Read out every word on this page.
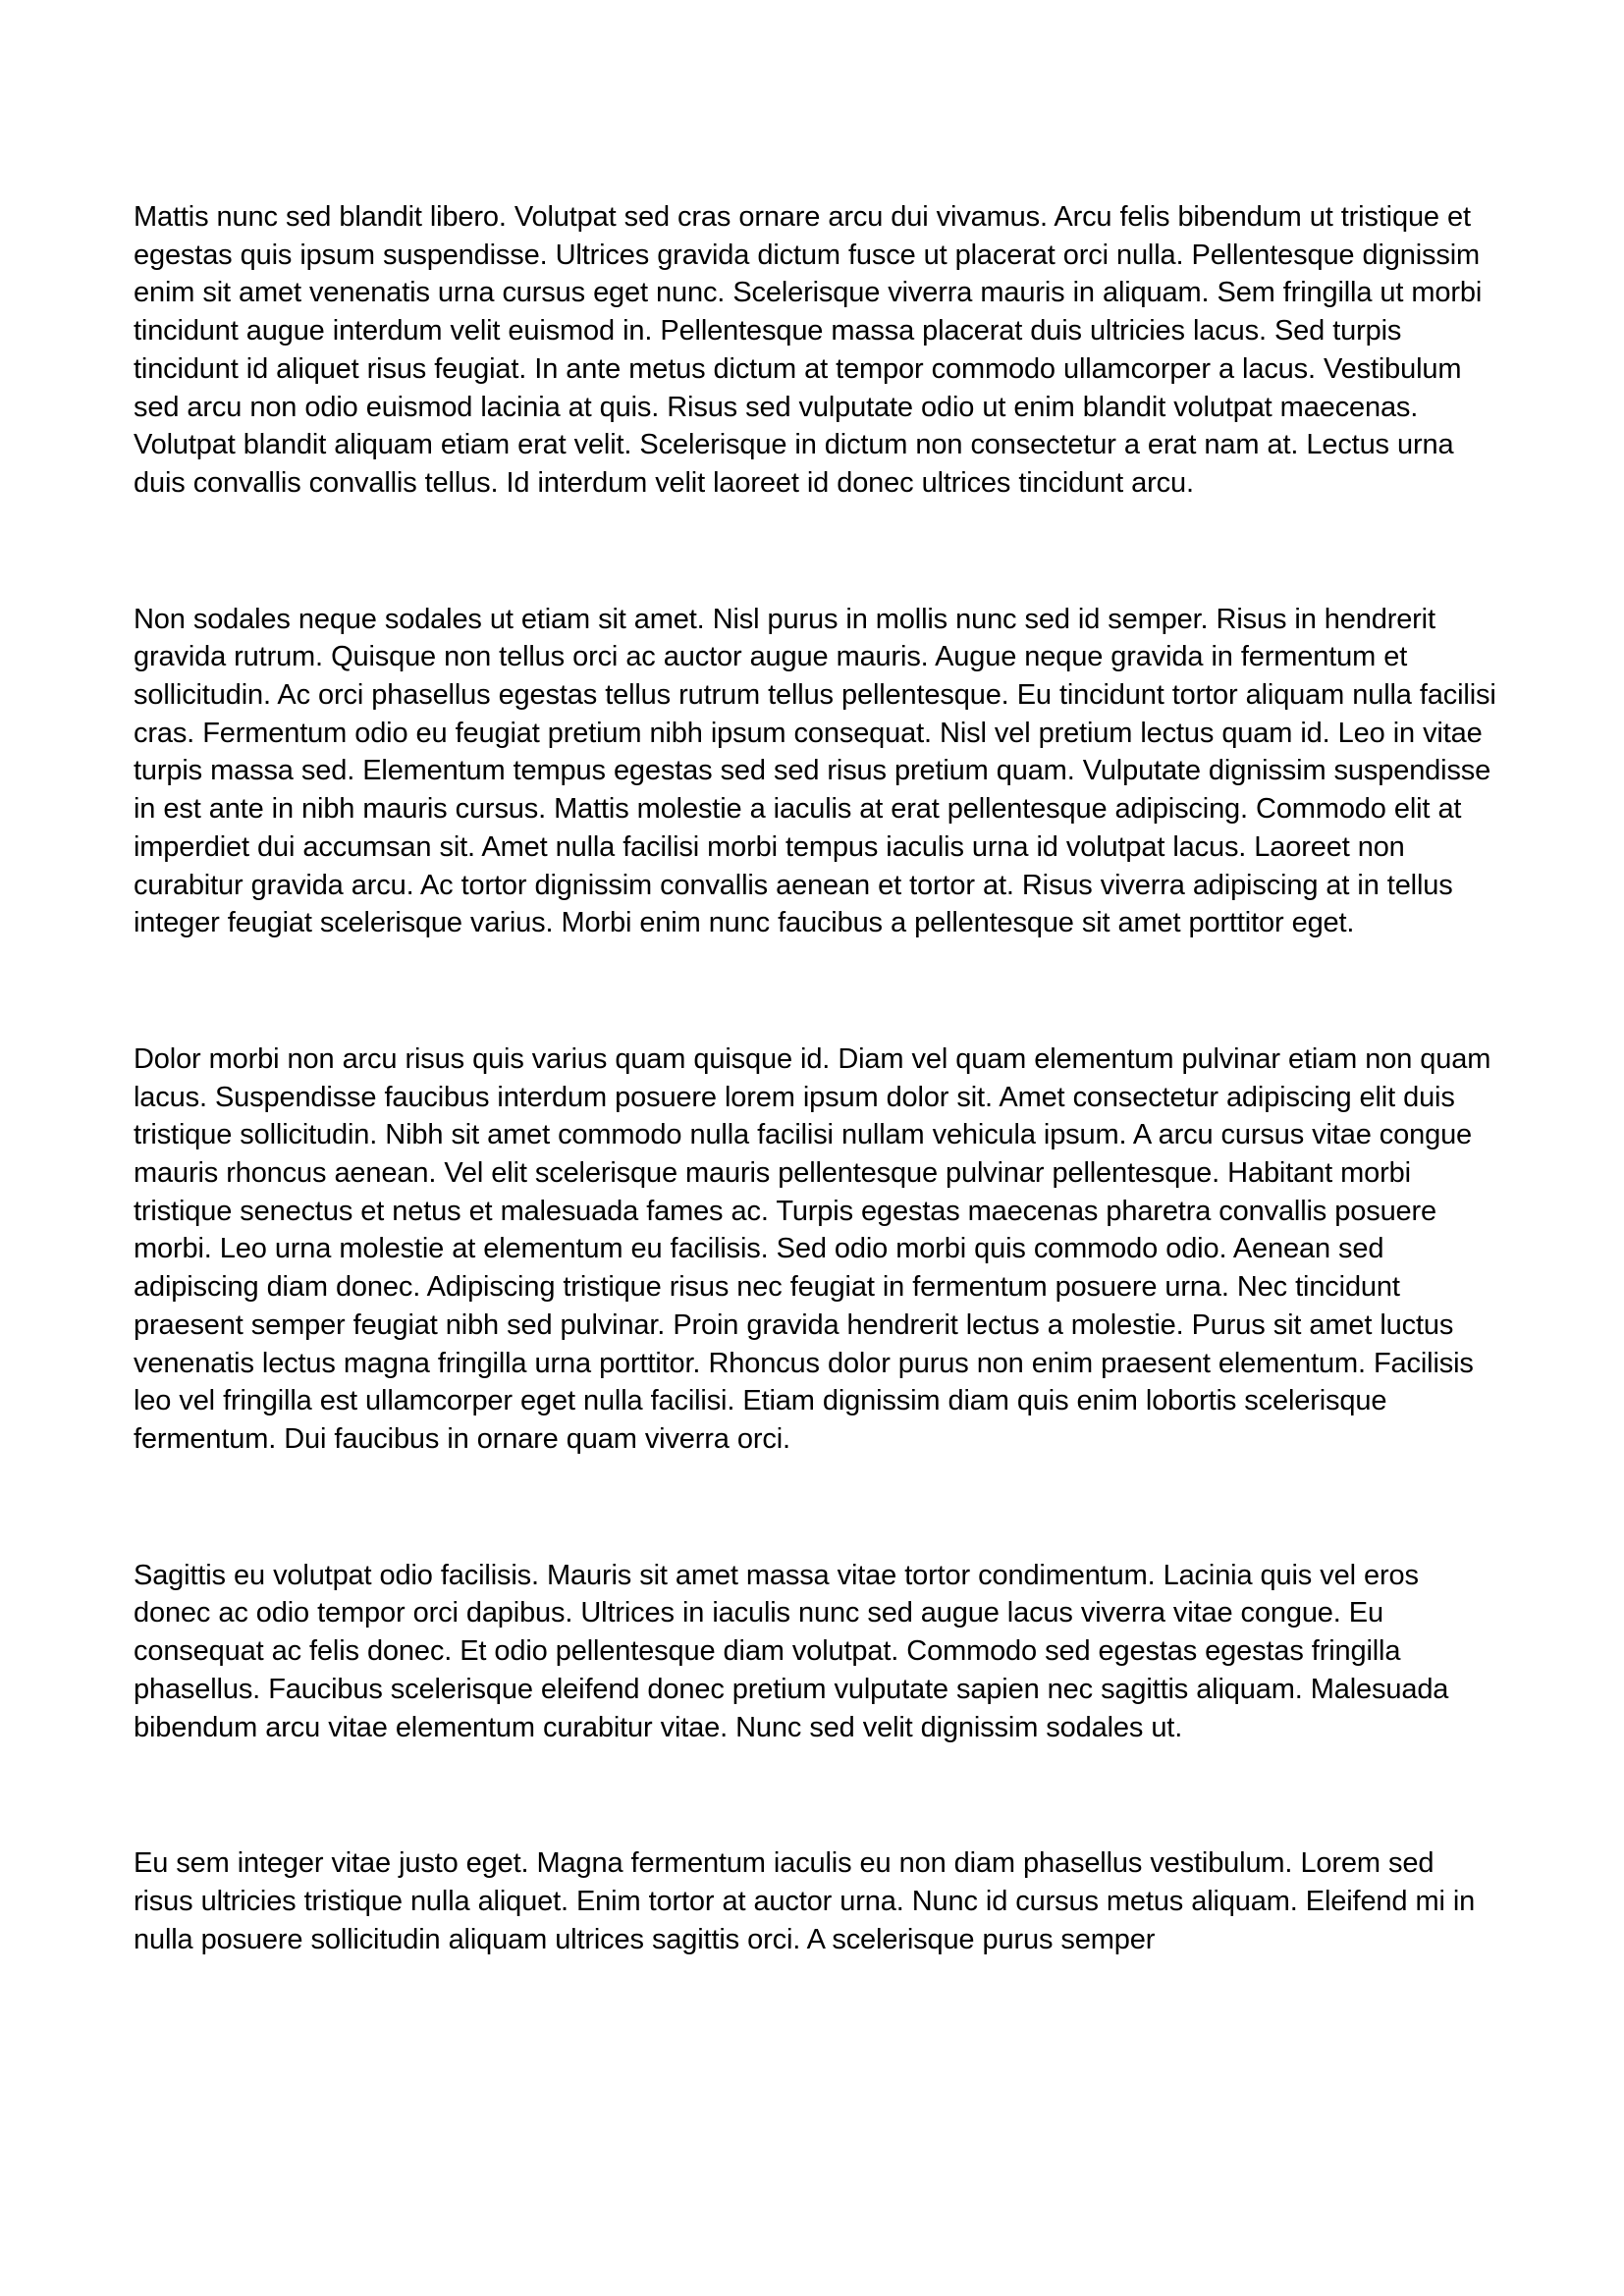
Mattis nunc sed blandit libero. Volutpat sed cras ornare arcu dui vivamus. Arcu felis bibendum ut tristique et egestas quis ipsum suspendisse. Ultrices gravida dictum fusce ut placerat orci nulla. Pellentesque dignissim enim sit amet venenatis urna cursus eget nunc. Scelerisque viverra mauris in aliquam. Sem fringilla ut morbi tincidunt augue interdum velit euismod in. Pellentesque massa placerat duis ultricies lacus. Sed turpis tincidunt id aliquet risus feugiat. In ante metus dictum at tempor commodo ullamcorper a lacus. Vestibulum sed arcu non odio euismod lacinia at quis. Risus sed vulputate odio ut enim blandit volutpat maecenas. Volutpat blandit aliquam etiam erat velit. Scelerisque in dictum non consectetur a erat nam at. Lectus urna duis convallis convallis tellus. Id interdum velit laoreet id donec ultrices tincidunt arcu.

Non sodales neque sodales ut etiam sit amet. Nisl purus in mollis nunc sed id semper. Risus in hendrerit gravida rutrum. Quisque non tellus orci ac auctor augue mauris. Augue neque gravida in fermentum et sollicitudin. Ac orci phasellus egestas tellus rutrum tellus pellentesque. Eu tincidunt tortor aliquam nulla facilisi cras. Fermentum odio eu feugiat pretium nibh ipsum consequat. Nisl vel pretium lectus quam id. Leo in vitae turpis massa sed. Elementum tempus egestas sed sed risus pretium quam. Vulputate dignissim suspendisse in est ante in nibh mauris cursus. Mattis molestie a iaculis at erat pellentesque adipiscing. Commodo elit at imperdiet dui accumsan sit. Amet nulla facilisi morbi tempus iaculis urna id volutpat lacus. Laoreet non curabitur gravida arcu. Ac tortor dignissim convallis aenean et tortor at. Risus viverra adipiscing at in tellus integer feugiat scelerisque varius. Morbi enim nunc faucibus a pellentesque sit amet porttitor eget.

Dolor morbi non arcu risus quis varius quam quisque id. Diam vel quam elementum pulvinar etiam non quam lacus. Suspendisse faucibus interdum posuere lorem ipsum dolor sit. Amet consectetur adipiscing elit duis tristique sollicitudin. Nibh sit amet commodo nulla facilisi nullam vehicula ipsum. A arcu cursus vitae congue mauris rhoncus aenean. Vel elit scelerisque mauris pellentesque pulvinar pellentesque. Habitant morbi tristique senectus et netus et malesuada fames ac. Turpis egestas maecenas pharetra convallis posuere morbi. Leo urna molestie at elementum eu facilisis. Sed odio morbi quis commodo odio. Aenean sed adipiscing diam donec. Adipiscing tristique risus nec feugiat in fermentum posuere urna. Nec tincidunt praesent semper feugiat nibh sed pulvinar. Proin gravida hendrerit lectus a molestie. Purus sit amet luctus venenatis lectus magna fringilla urna porttitor. Rhoncus dolor purus non enim praesent elementum. Facilisis leo vel fringilla est ullamcorper eget nulla facilisi. Etiam dignissim diam quis enim lobortis scelerisque fermentum. Dui faucibus in ornare quam viverra orci.

Sagittis eu volutpat odio facilisis. Mauris sit amet massa vitae tortor condimentum. Lacinia quis vel eros donec ac odio tempor orci dapibus. Ultrices in iaculis nunc sed augue lacus viverra vitae congue. Eu consequat ac felis donec. Et odio pellentesque diam volutpat. Commodo sed egestas egestas fringilla phasellus. Faucibus scelerisque eleifend donec pretium vulputate sapien nec sagittis aliquam. Malesuada bibendum arcu vitae elementum curabitur vitae. Nunc sed velit dignissim sodales ut.

Eu sem integer vitae justo eget. Magna fermentum iaculis eu non diam phasellus vestibulum. Lorem sed risus ultricies tristique nulla aliquet. Enim tortor at auctor urna. Nunc id cursus metus aliquam. Eleifend mi in nulla posuere sollicitudin aliquam ultrices sagittis orci. A scelerisque purus semper
